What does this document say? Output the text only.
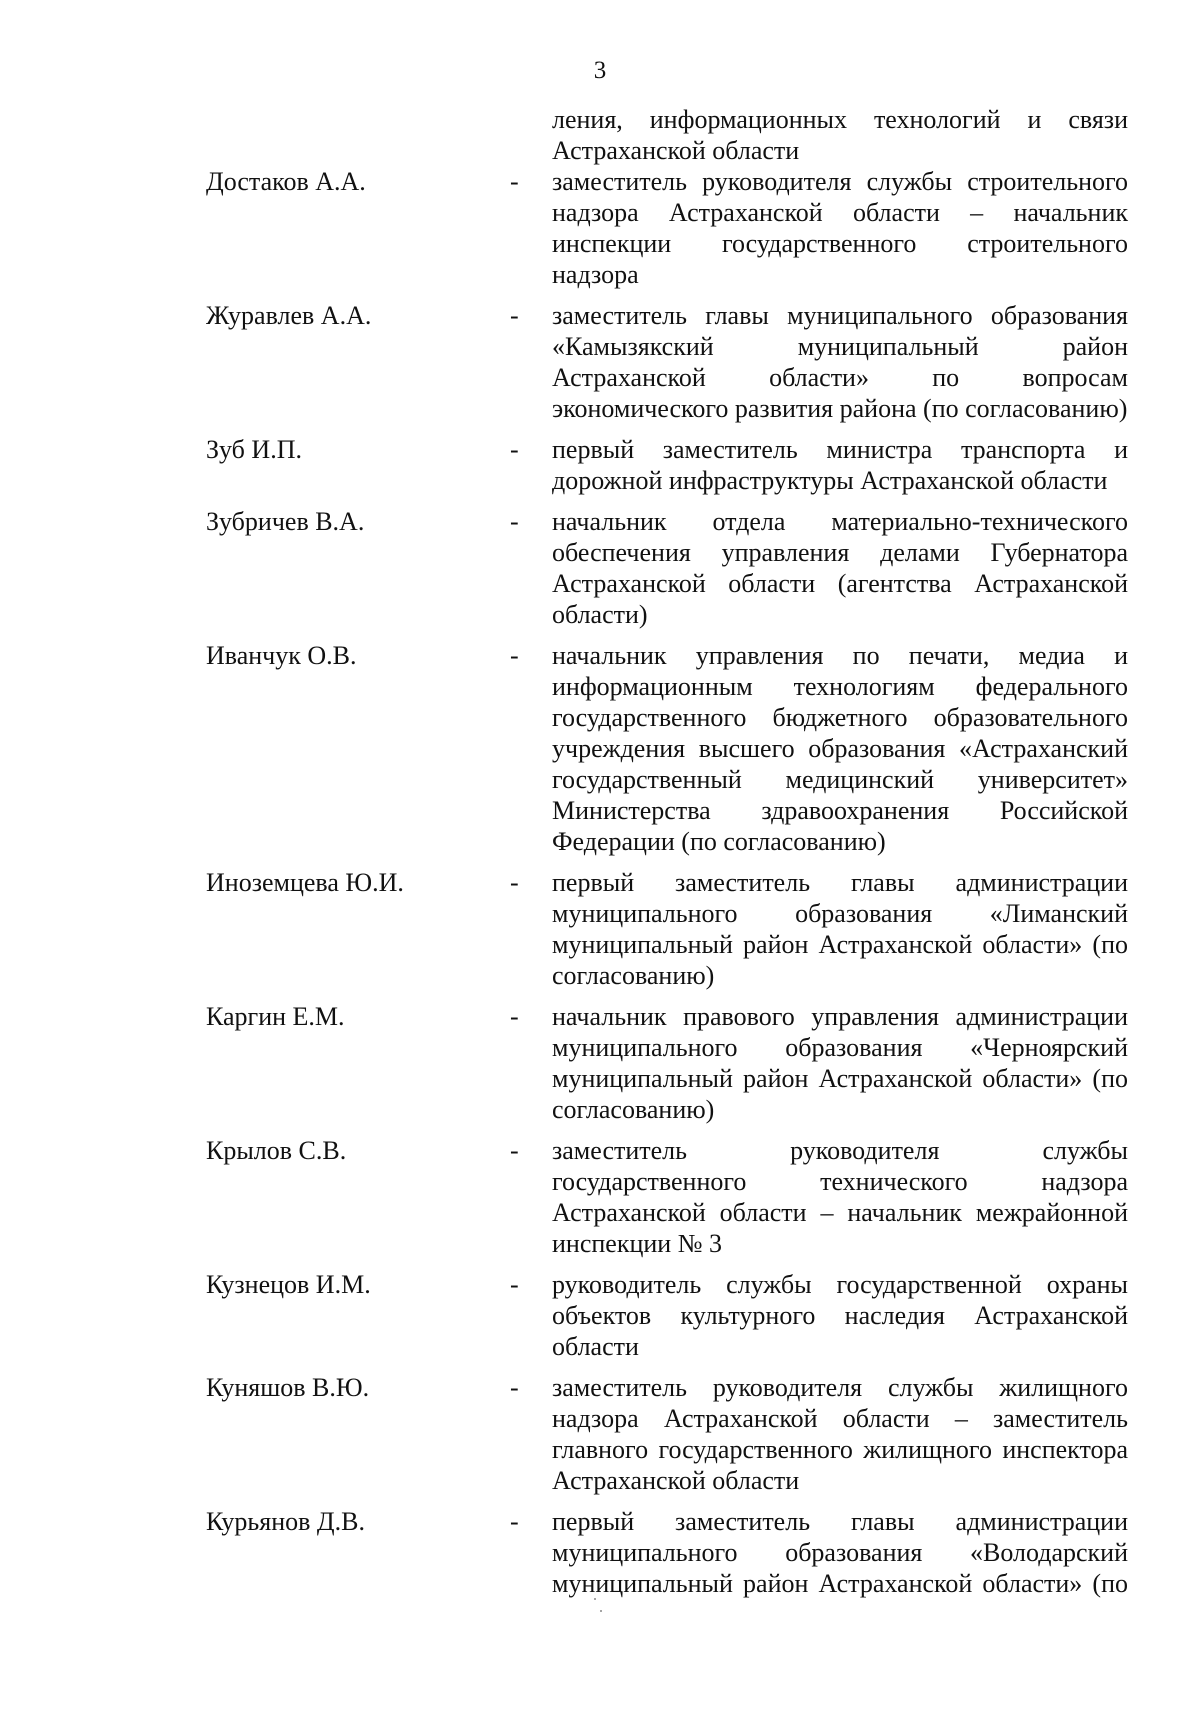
3
ления, информационных технологий и связи Астраханской области
Достаков А.А.	- заместитель руководителя службы строительного надзора Астраханской области – начальник инспекции государственного строительного надзора
Журавлев А.А.	- заместитель главы муниципального образования «Камызякский муниципальный район Астраханской области» по вопросам экономического развития района (по согласованию)
Зуб И.П.	- первый заместитель министра транспорта и дорожной инфраструктуры Астраханской области
Зубричев В.А.	- начальник отдела материально-технического обеспечения управления делами Губернатора Астраханской области (агентства Астраханской области)
Иванчук О.В.	- начальник управления по печати, медиа и информационным технологиям федерального государственного бюджетного образовательного учреждения высшего образования «Астраханский государственный медицинский университет» Министерства здравоохранения Российской Федерации (по согласованию)
Иноземцева Ю.И.	- первый заместитель главы администрации муниципального образования «Лиманский муниципальный район Астраханской области» (по согласованию)
Каргин Е.М.	- начальник правового управления администрации муниципального образования «Черноярский муниципальный район Астраханской области» (по согласованию)
Крылов С.В.	- заместитель руководителя службы государственного технического надзора Астраханской области – начальник межрайонной инспекции № 3
Кузнецов И.М.	- руководитель службы государственной охраны объектов культурного наследия Астраханской области
Куняшов В.Ю.	- заместитель руководителя службы жилищного надзора Астраханской области – заместитель главного государственного жилищного инспектора Астраханской области
Курьянов Д.В.	- первый заместитель главы администрации муниципального образования «Володарский муниципальный район Астраханской области» (по
